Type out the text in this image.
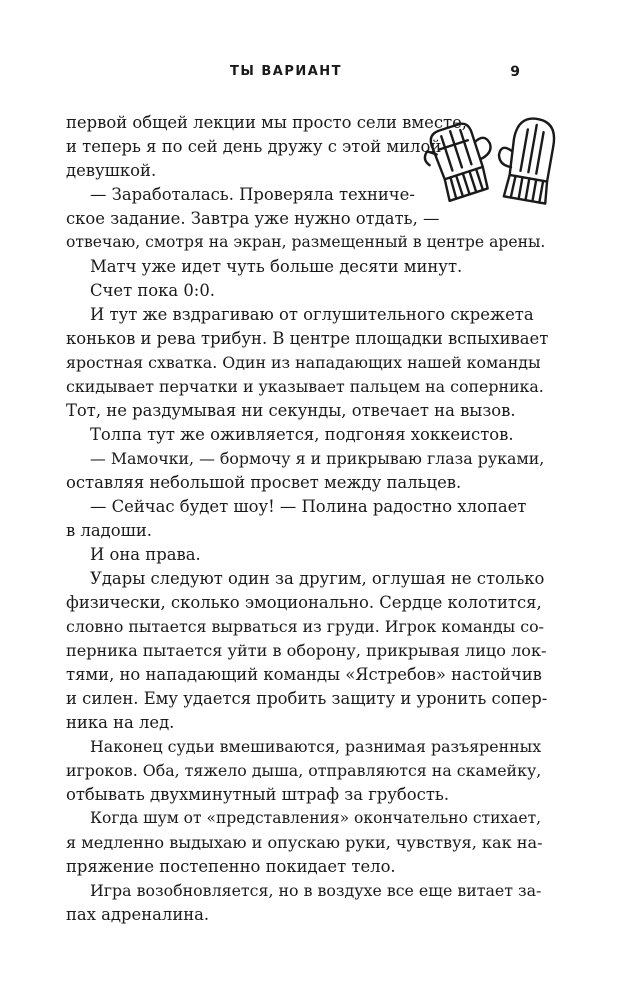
ТЫ ВАРИАНТ	9
первой общей лекции мы просто сели вместе,
и теперь я по сей день дружу с этой милой
девушкой.
— Заработалась. Проверяла техниче-
ское задание. Завтра уже нужно отдать, —
отвечаю, смотря на экран, размещенный в центре арены.
Матч уже идет чуть больше десяти минут.
Счет пока 0:0.
И тут же вздрагиваю от оглушительного скрежета
коньков и рева трибун. В центре площадки вспыхивает
яростная схватка. Один из нападающих нашей команды
скидывает перчатки и указывает пальцем на соперника.
Тот, не раздумывая ни секунды, отвечает на вызов.
Толпа тут же оживляется, подгоняя хоккеистов.
— Мамочки, — бормочу я и прикрываю глаза руками,
оставляя небольшой просвет между пальцев.
— Сейчас будет шоу! — Полина радостно хлопает
в ладоши.
И она права.
Удары следуют один за другим, оглушая не столько
физически, сколько эмоционально. Сердце колотится,
словно пытается вырваться из груди. Игрок команды со-
перника пытается уйти в оборону, прикрывая лицо лок-
тями, но нападающий команды «Ястребов» настойчив
и силен. Ему удается пробить защиту и уронить сопер-
ника на лед.
Наконец судьи вмешиваются, разнимая разъяренных
игроков. Оба, тяжело дыша, отправляются на скамейку,
отбывать двухминутный штраф за грубость.
Когда шум от «представления» окончательно стихает,
я медленно выдыхаю и опускаю руки, чувствуя, как на-
пряжение постепенно покидает тело.
Игра возобновляется, но в воздухе все еще витает за-
пах адреналина.
